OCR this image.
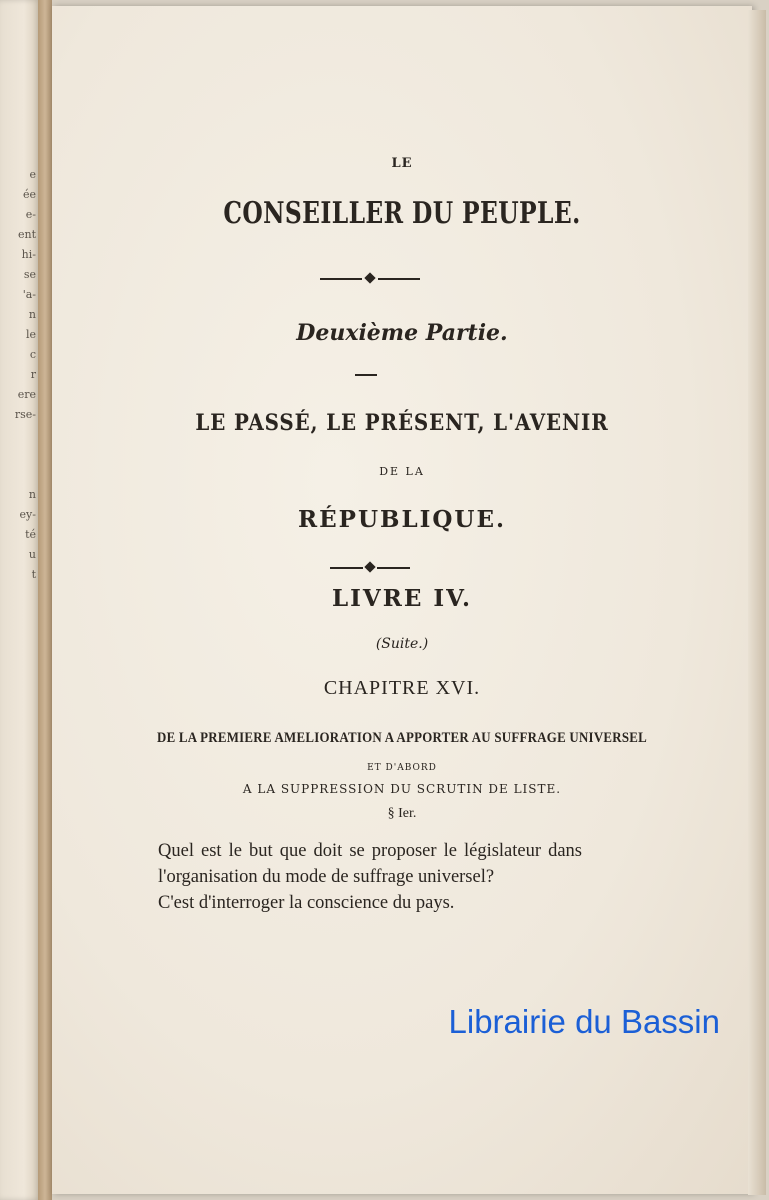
e
ée
e-
ent
hi-
se
'a-
n
le
c
r
ere
rse-

n
ey-
té
u
t
LE
CONSEILLER DU PEUPLE.
Deuxième Partie.
LE PASSÉ, LE PRÉSENT, L'AVENIR
DE LA
RÉPUBLIQUE.
LIVRE IV.
(Suite.)
CHAPITRE XVI.
DE LA PREMIERE AMELIORATION A APPORTER AU SUFFRAGE UNIVERSEL
ET D'ABORD
A LA SUPPRESSION DU SCRUTIN DE LISTE.
§ Ier.

Quel est le but que doit se proposer le législateur dans l'organisation du mode de suffrage universel?

C'est d'interroger la conscience du pays.

Librairie du Bassin
